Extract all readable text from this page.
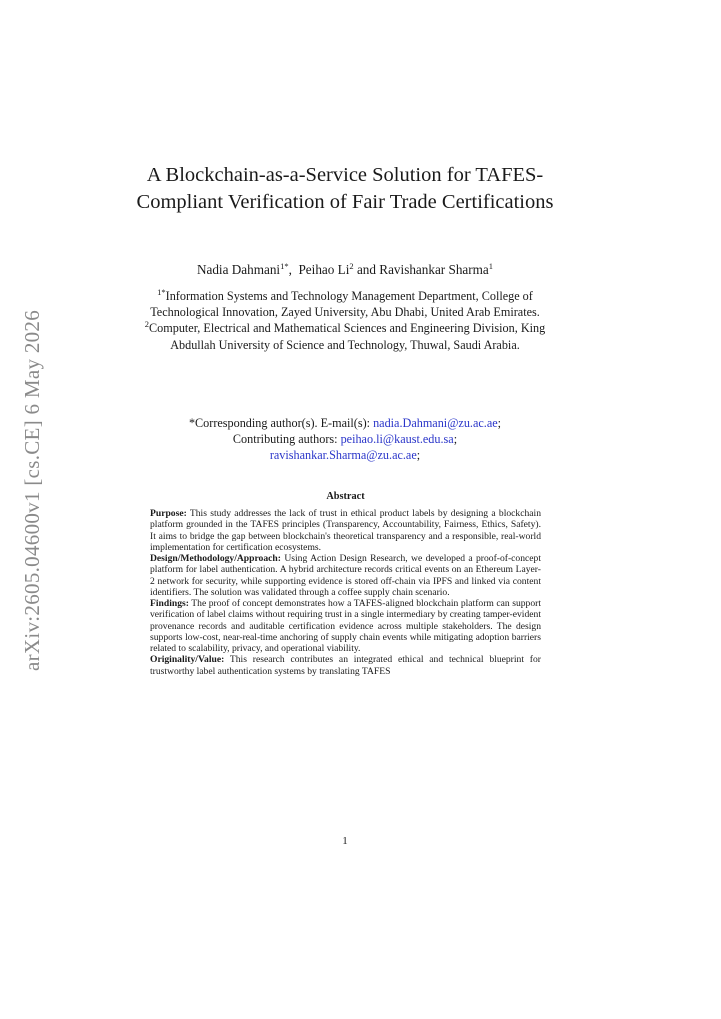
arXiv:2605.04600v1 [cs.CE] 6 May 2026
A Blockchain-as-a-Service Solution for TAFES-Compliant Verification of Fair Trade Certifications
Nadia Dahmani$^{1*}$,  Peihao Li$^2$ and Ravishankar Sharma$^1$
$^{1*}$Information Systems and Technology Management Department, College of Technological Innovation, Zayed University, Abu Dhabi, United Arab Emirates.
$^2$Computer, Electrical and Mathematical Sciences and Engineering Division, King Abdullah University of Science and Technology, Thuwal, Saudi Arabia.
*Corresponding author(s). E-mail(s): nadia.Dahmani@zu.ac.ae;
Contributing authors: peihao.li@kaust.edu.sa;
ravishankar.Sharma@zu.ac.ae;
Abstract

Purpose: This study addresses the lack of trust in ethical product labels by designing a blockchain platform grounded in the TAFES principles (Transparency, Accountability, Fairness, Ethics, Safety). It aims to bridge the gap between blockchain's theoretical transparency and a responsible, real-world implementation for certification ecosystems.

Design/Methodology/Approach: Using Action Design Research, we developed a proof-of-concept platform for label authentication. A hybrid architecture records critical events on an Ethereum Layer-2 network for security, while supporting evidence is stored off-chain via IPFS and linked via content identifiers. The solution was validated through a coffee supply chain scenario.

Findings: The proof of concept demonstrates how a TAFES-aligned blockchain platform can support verification of label claims without requiring trust in a single intermediary by creating tamper-evident provenance records and auditable certification evidence across multiple stakeholders. The design supports low-cost, near-real-time anchoring of supply chain events while mitigating adoption barriers related to scalability, privacy, and operational viability.

Originality/Value: This research contributes an integrated ethical and technical blueprint for trustworthy label authentication systems by translating TAFES

1
